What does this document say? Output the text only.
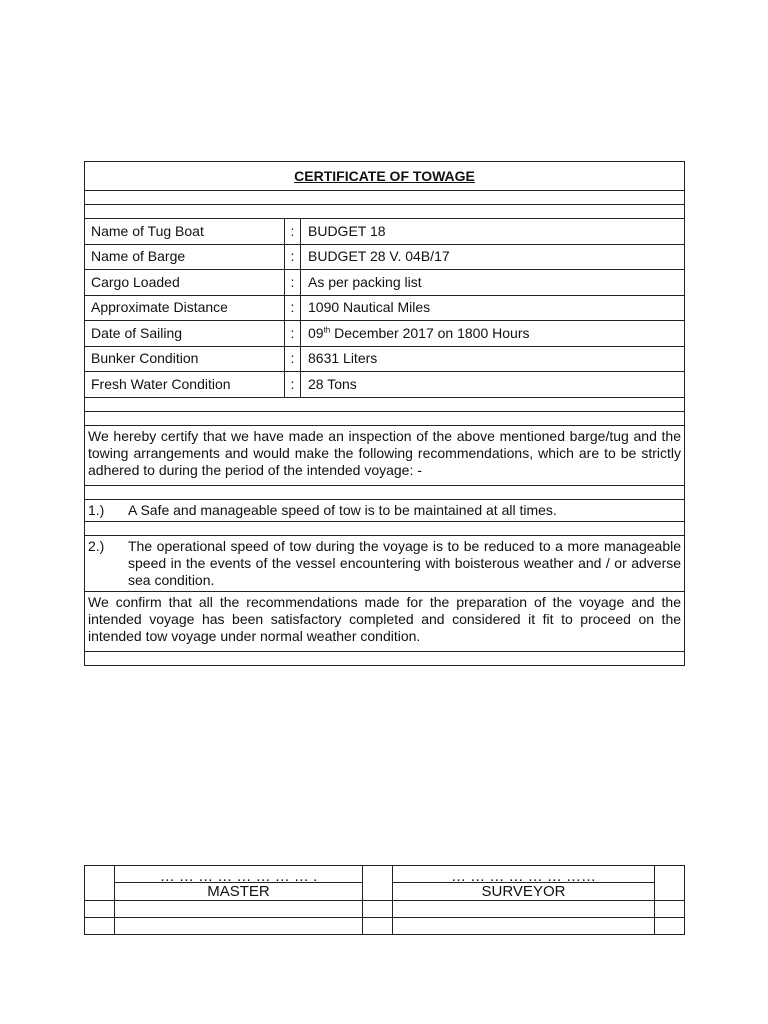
CERTIFICATE OF TOWAGE		

Name of Tug Boat	:	BUDGET 18
Name of Barge	:	BUDGET 28 V. 04B/17
Cargo Loaded	:	As per packing list
Approximate Distance	:	1090 Nautical Miles
Date of Sailing	:	09th December 2017 on 1800 Hours
Bunker Condition	:	8631 Liters
Fresh Water Condition	:	28 Tons

We hereby certify that we have made an inspection of the above mentioned barge/tug and the towing arrangements and would make the following recommendations, which are to be strictly adhered to during the period of the intended voyage: -		

1.) A Safe and manageable speed of tow is to be maintained at all times.		

2.) The operational speed of tow during the voyage is to be reduced to a more manageable speed in the events of the vessel encountering with boisterous weather and / or adverse sea condition.		

We confirm that all the recommendations made for the preparation of the voyage and the intended voyage has been satisfactory completed and considered it fit to proceed on the intended tow voyage under normal weather condition.		

	… … … … … … … … .		… … … … … … ……	
	MASTER		SURVEYOR	
